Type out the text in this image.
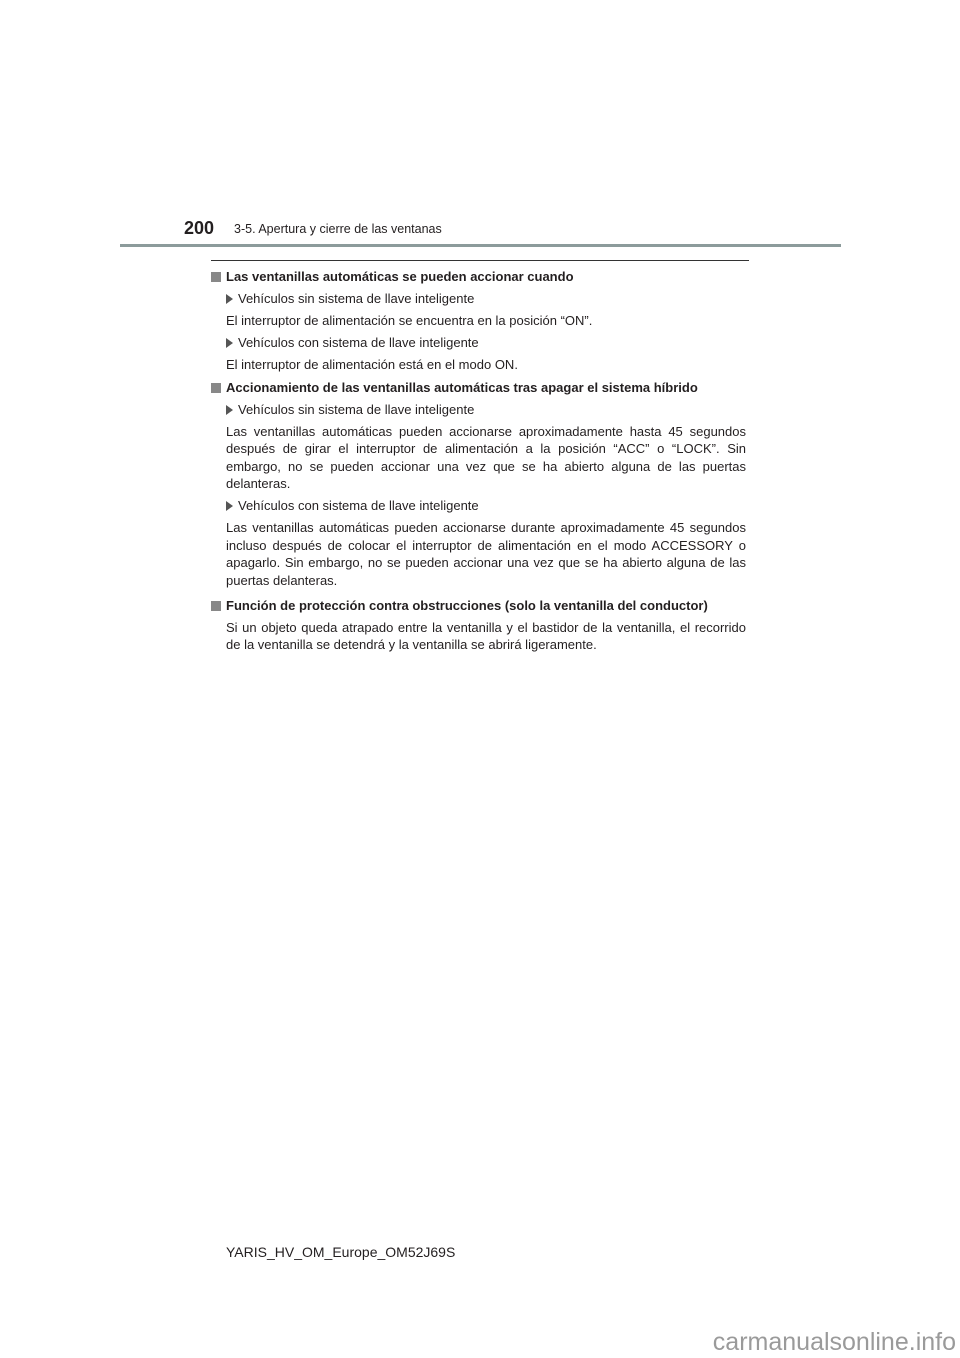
200 3-5. Apertura y cierre de las ventanas
Las ventanillas automáticas se pueden accionar cuando
Vehículos sin sistema de llave inteligente
El interruptor de alimentación se encuentra en la posición “ON”.
Vehículos con sistema de llave inteligente
El interruptor de alimentación está en el modo ON.
Accionamiento de las ventanillas automáticas tras apagar el sistema híbrido
Vehículos sin sistema de llave inteligente
Las ventanillas automáticas pueden accionarse aproximadamente hasta 45 segundos después de girar el interruptor de alimentación a la posición “ACC” o “LOCK”. Sin embargo, no se pueden accionar una vez que se ha abierto alguna de las puertas delanteras.
Vehículos con sistema de llave inteligente
Las ventanillas automáticas pueden accionarse durante aproximadamente 45 segundos incluso después de colocar el interruptor de alimentación en el modo ACCESSORY o apagarlo. Sin embargo, no se pueden accionar una vez que se ha abierto alguna de las puertas delanteras.
Función de protección contra obstrucciones (solo la ventanilla del conductor)
Si un objeto queda atrapado entre la ventanilla y el bastidor de la ventanilla, el recorrido de la ventanilla se detendrá y la ventanilla se abrirá ligeramente.
YARIS_HV_OM_Europe_OM52J69S
carmanualsonline.info
